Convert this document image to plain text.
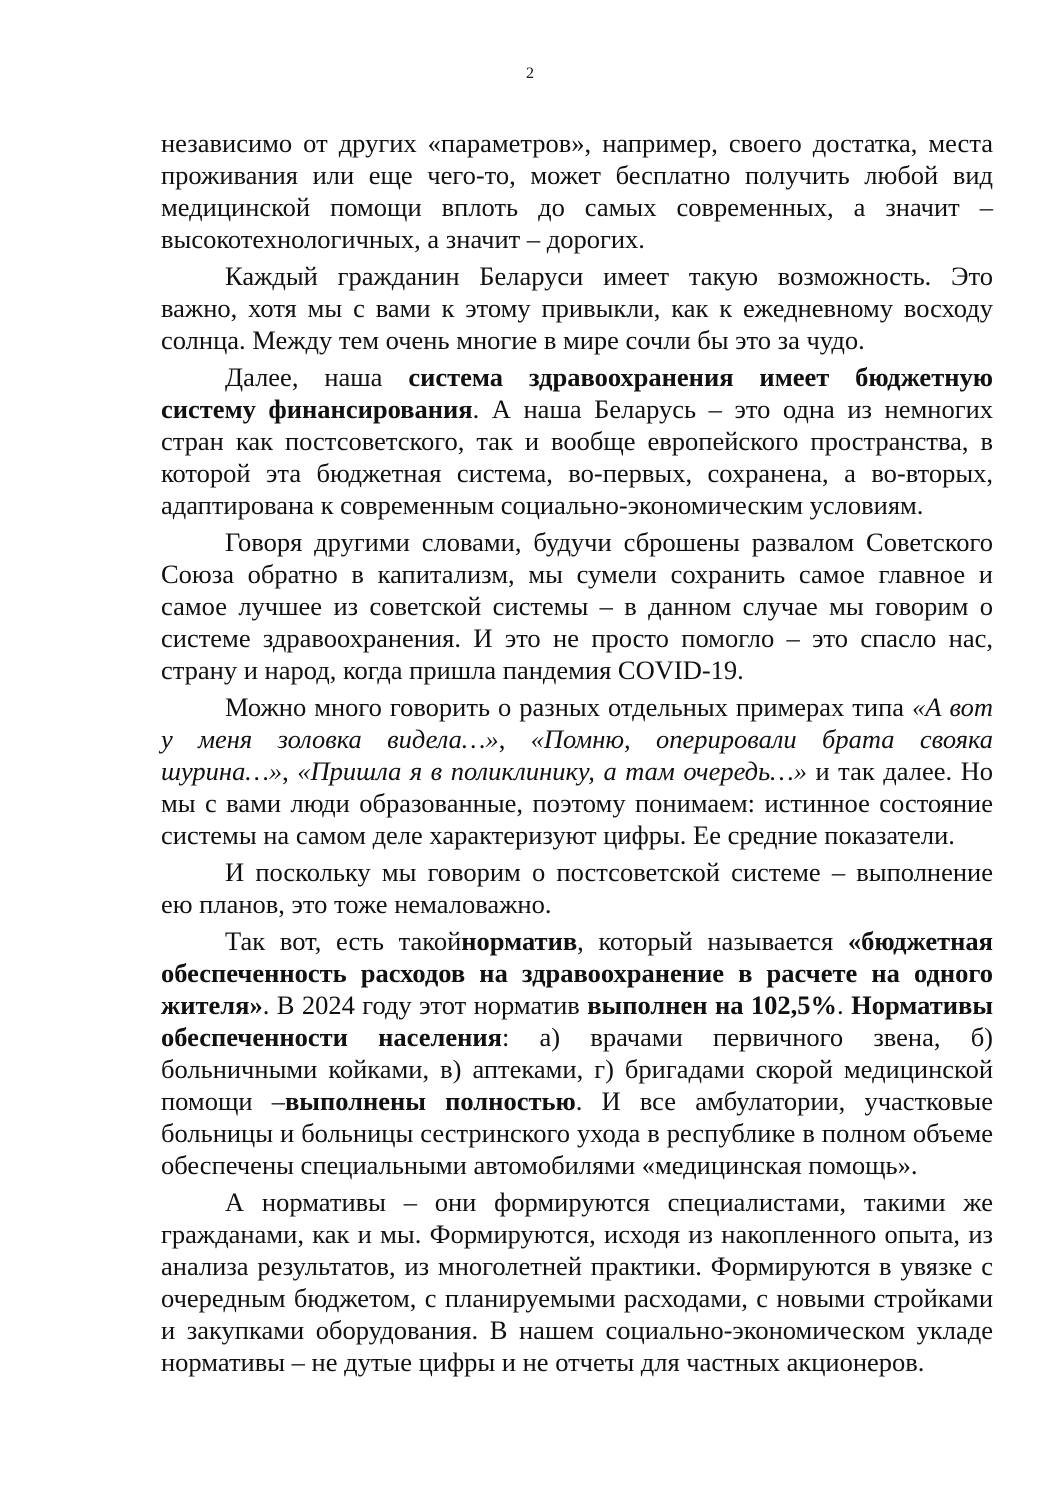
2

независимо от других «параметров», например, своего достатка, места проживания или еще чего-то, может бесплатно получить любой вид медицинской помощи вплоть до самых современных, а значит – высокотехнологичных, а значит – дорогих.

Каждый гражданин Беларуси имеет такую возможность. Это важно, хотя мы с вами к этому привыкли, как к ежедневному восходу солнца. Между тем очень многие в мире сочли бы это за чудо.

Далее, наша система здравоохранения имеет бюджетную систему финансирования. А наша Беларусь – это одна из немногих стран как постсоветского, так и вообще европейского пространства, в которой эта бюджетная система, во-первых, сохранена, а во-вторых, адаптирована к современным социально-экономическим условиям.

Говоря другими словами, будучи сброшены развалом Советского Союза обратно в капитализм, мы сумели сохранить самое главное и самое лучшее из советской системы – в данном случае мы говорим о системе здравоохранения. И это не просто помогло – это спасло нас, страну и народ, когда пришла пандемия COVID-19.

Можно много говорить о разных отдельных примерах типа «А вот у меня золовка видела…», «Помню, оперировали брата свояка шурина…», «Пришла я в поликлинику, а там очередь…» и так далее. Но мы с вами люди образованные, поэтому понимаем: истинное состояние системы на самом деле характеризуют цифры. Ее средние показатели.

И поскольку мы говорим о постсоветской системе – выполнение ею планов, это тоже немаловажно.

Так вот, есть такойнорматив, который называется «бюджетная обеспеченность расходов на здравоохранение в расчете на одного жителя». В 2024 году этот норматив выполнен на 102,5%. Нормативы обеспеченности населения: а) врачами первичного звена, б) больничными койками, в) аптеками, г) бригадами скорой медицинской помощи –выполнены полностью. И все амбулатории, участковые больницы и больницы сестринского ухода в республике в полном объеме обеспечены специальными автомобилями «медицинская помощь».

А нормативы – они формируются специалистами, такими же гражданами, как и мы. Формируются, исходя из накопленного опыта, из анализа результатов, из многолетней практики. Формируются в увязке с очередным бюджетом, с планируемыми расходами, с новыми стройками и закупками оборудования. В нашем социально-экономическом укладе нормативы – не дутые цифры и не отчеты для частных акционеров.
